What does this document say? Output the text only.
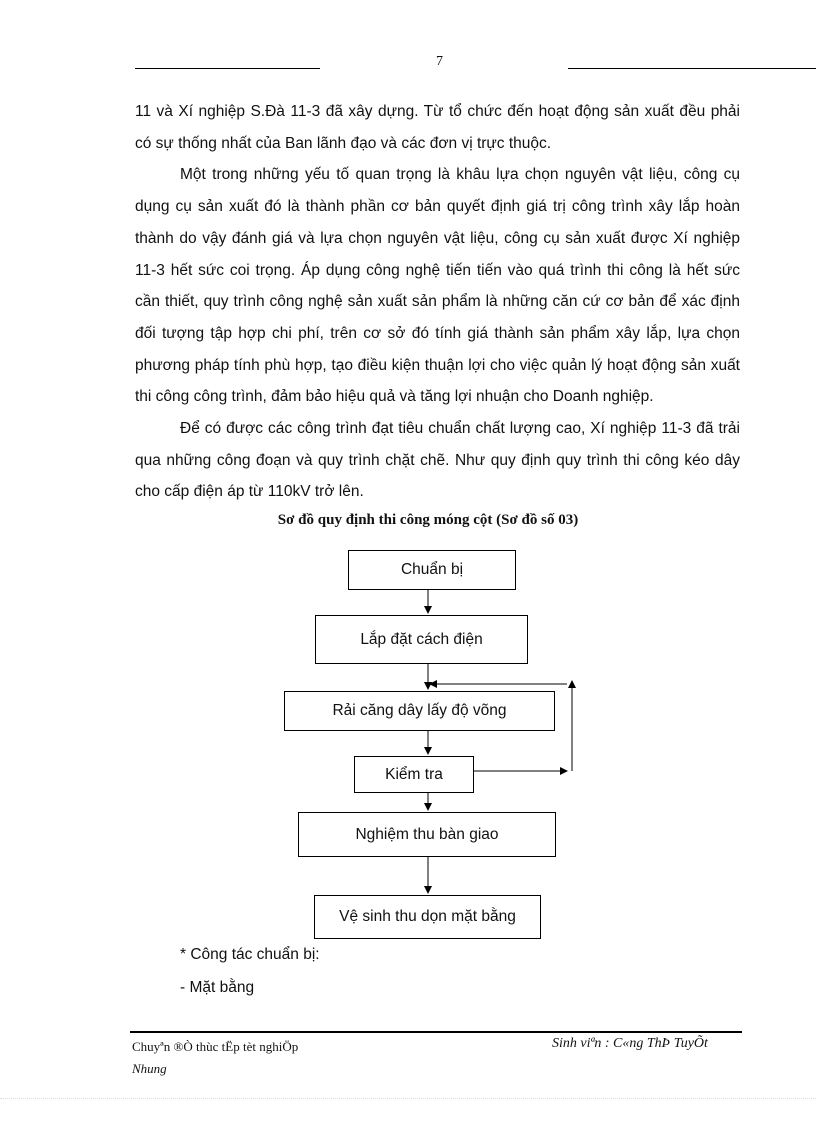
7

11 và Xí nghiệp S.Đà 11-3 đã xây dựng. Từ tổ chức đến hoạt động sản xuất đều phải có sự thống nhất của Ban lãnh đạo và các đơn vị trực thuộc.

Một trong những yếu tố quan trọng là khâu lựa chọn nguyên vật liệu, công cụ dụng cụ sản xuất đó là thành phần cơ bản quyết định giá trị công trình xây lắp hoàn thành do vậy đánh giá và lựa chọn nguyên vật liệu, công cụ sản xuất được Xí nghiệp 11-3 hết sức coi trọng. Áp dụng công nghệ tiến tiến vào quá trình thi công là hết sức cần thiết, quy trình công nghệ sản xuất sản phẩm là những căn cứ cơ bản để xác định đối tượng tập hợp chi phí, trên cơ sở đó tính giá thành sản phẩm xây lắp, lựa chọn phương pháp tính phù hợp, tạo điều kiện thuận lợi cho việc quản lý hoạt động sản xuất thi công công trình, đảm bảo hiệu quả và tăng lợi nhuận cho Doanh nghiệp.

Để có được các công trình đạt tiêu chuẩn chất lượng cao, Xí nghiệp 11-3 đã trải qua những công đoạn và quy trình chặt chẽ. Như quy định quy trình thi công kéo dây cho cấp điện áp từ 110kV trở lên.

Sơ đồ quy định thi công móng cột (Sơ đồ số 03)
Chuẩn bị
Lắp đặt cách điện
Rải căng dây lấy độ võng
Kiểm tra
Nghiệm thu bàn giao
Vệ sinh thu dọn mặt bằng
* Công tác chuẩn bị:
- Mặt bằng
Chuyªn ®Ò thùc tËp tèt nghiÖp
Nhung
Sinh viªn : C«ng ThÞ TuyÕt
